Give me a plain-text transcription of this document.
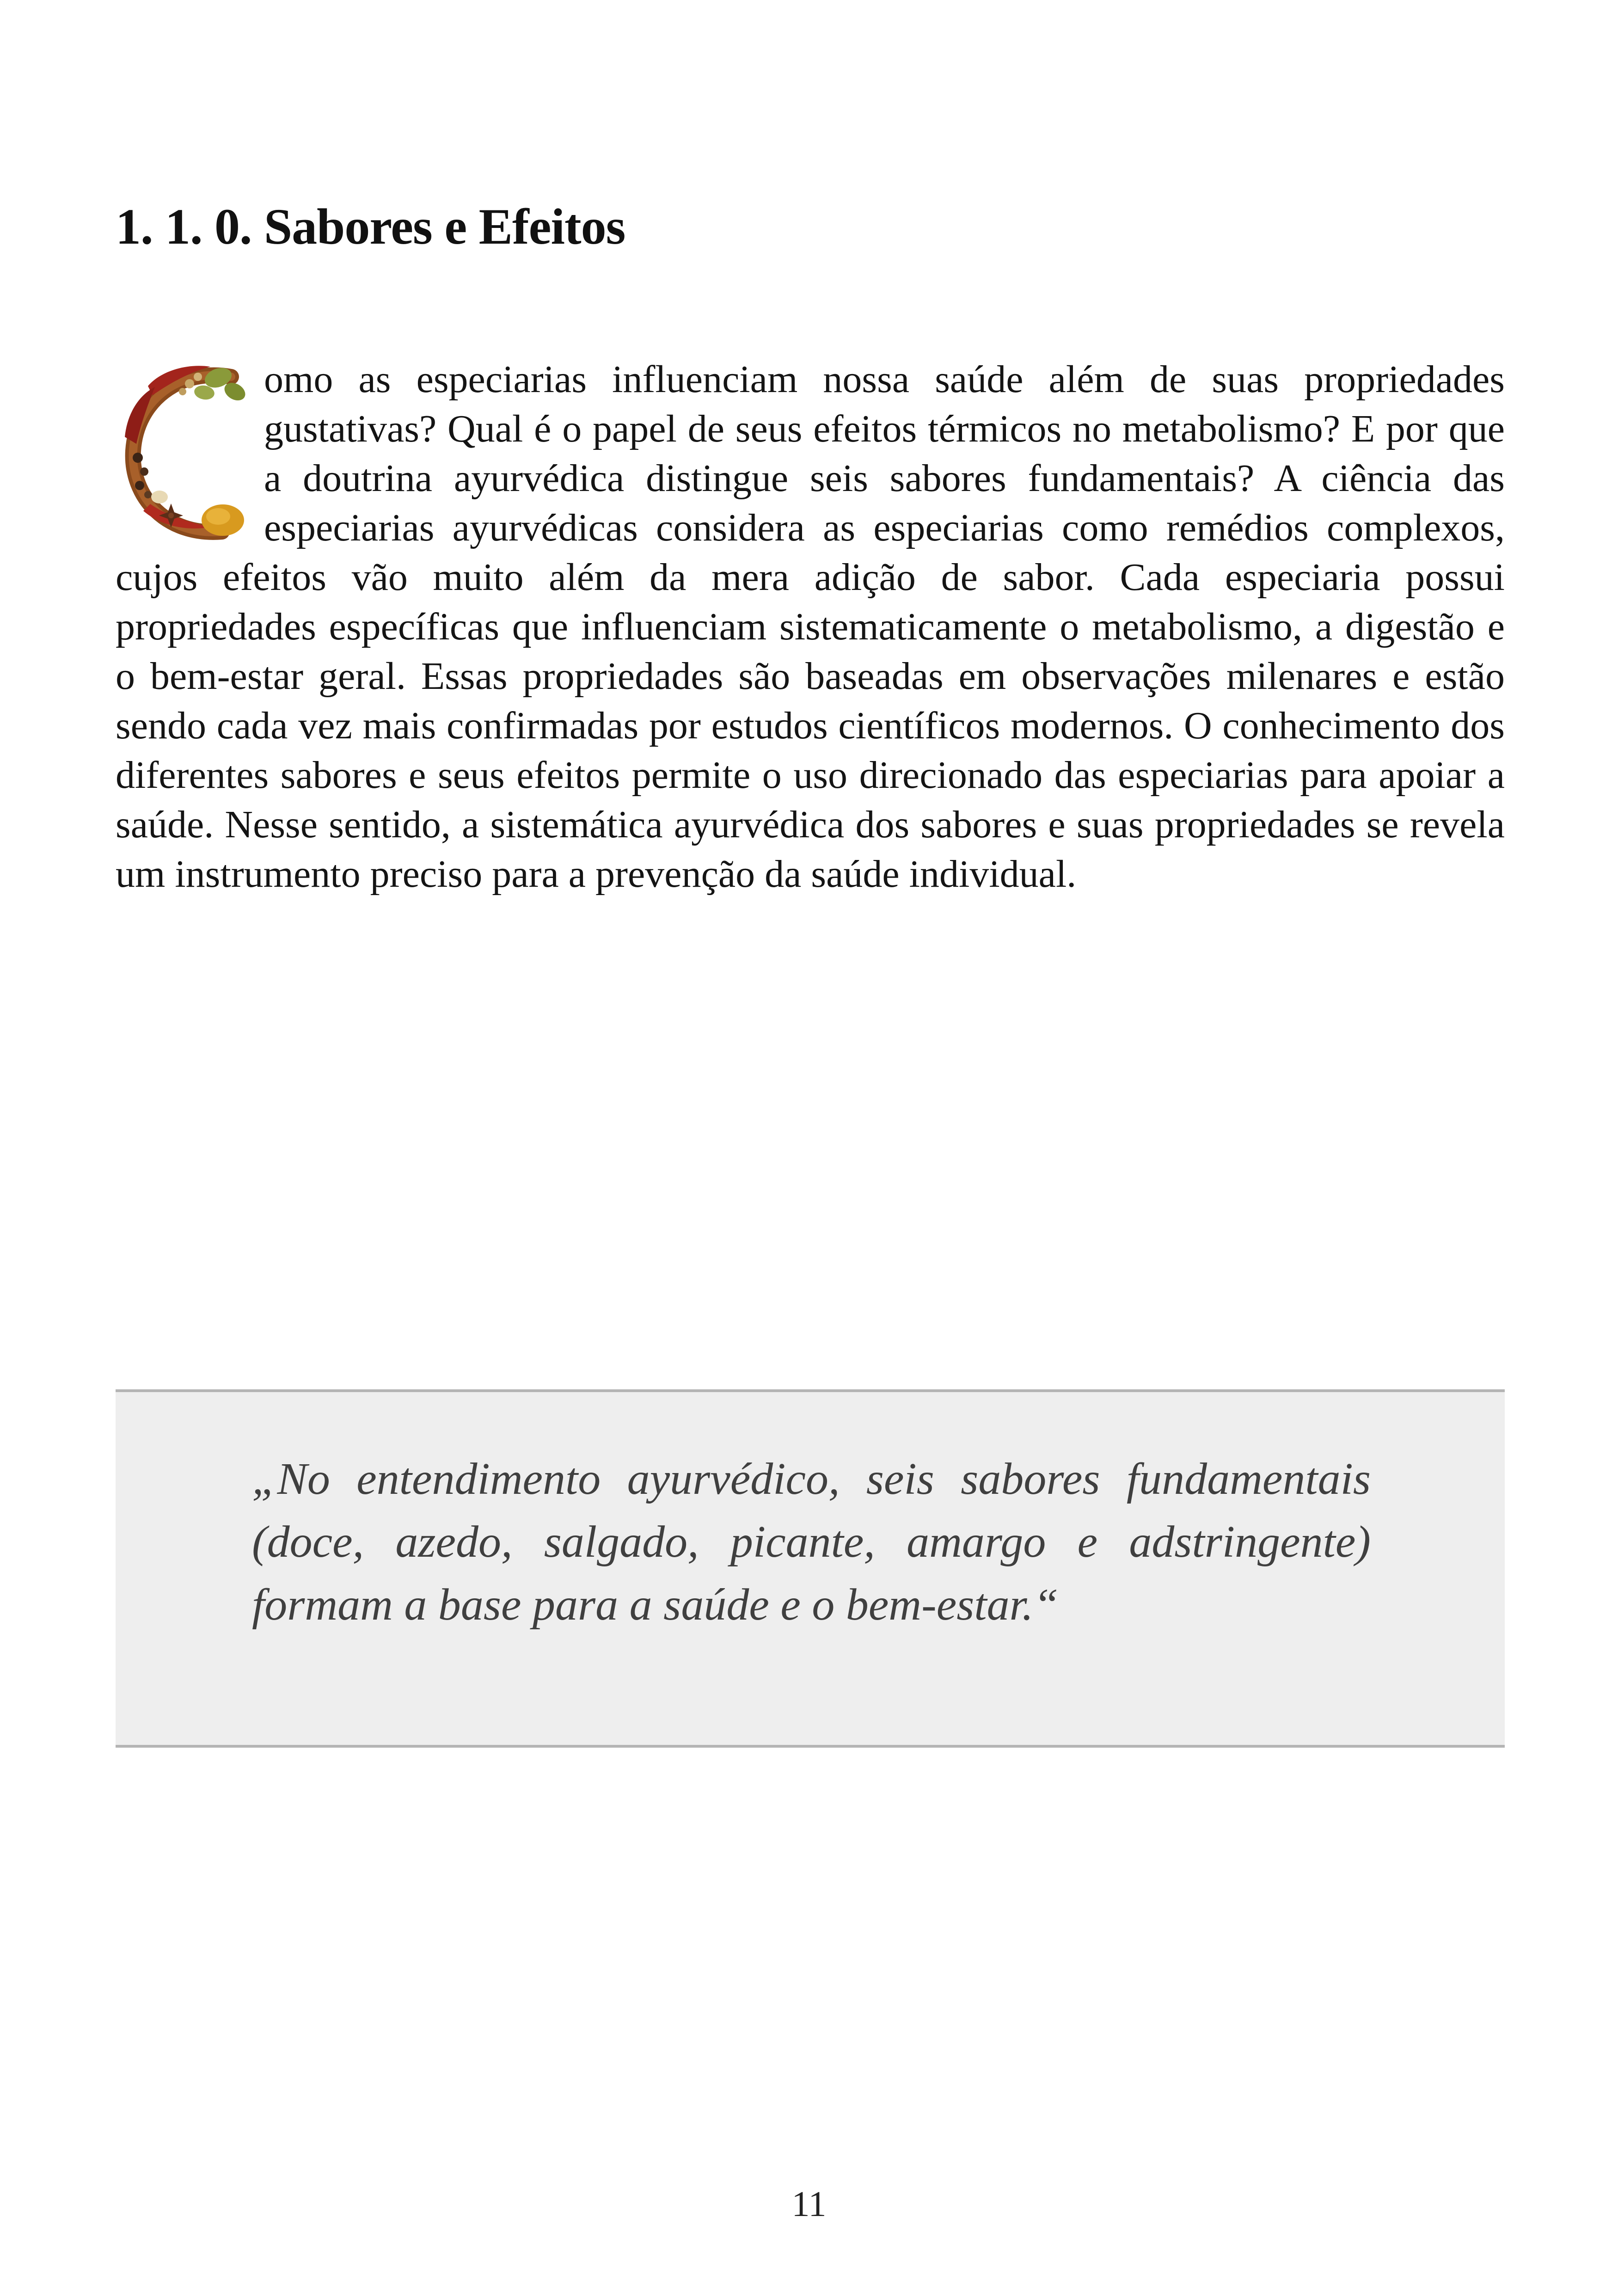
1. 1. 0. Sabores e Efeitos
omo as especiarias influenciam nossa saúde além de suas propriedades gustativas? Qual é o papel de seus efeitos térmicos no metabolismo? E por que a doutrina ayurvédica distingue seis sabores fundamentais? A ciência das especiarias ayurvédicas considera as especiarias como remédios complexos, cujos efeitos vão muito além da mera adição de sabor. Cada especiaria possui propriedades específicas que influenciam sistematicamente o metabolismo, a digestão e o bem-estar geral. Essas propriedades são baseadas em observações milenares e estão sendo cada vez mais confirmadas por estudos científicos modernos. O conhecimento dos diferentes sabores e seus efeitos permite o uso direcionado das especiarias para apoiar a saúde. Nesse sentido, a sistemática ayurvédica dos sabores e suas propriedades se revela um instrumento preciso para a prevenção da saúde individual.

„No entendimento ayurvédico, seis sabores fundamentais (doce, azedo, salgado, picante, amargo e adstringente) formam a base para a saúde e o bem-estar.“

11
